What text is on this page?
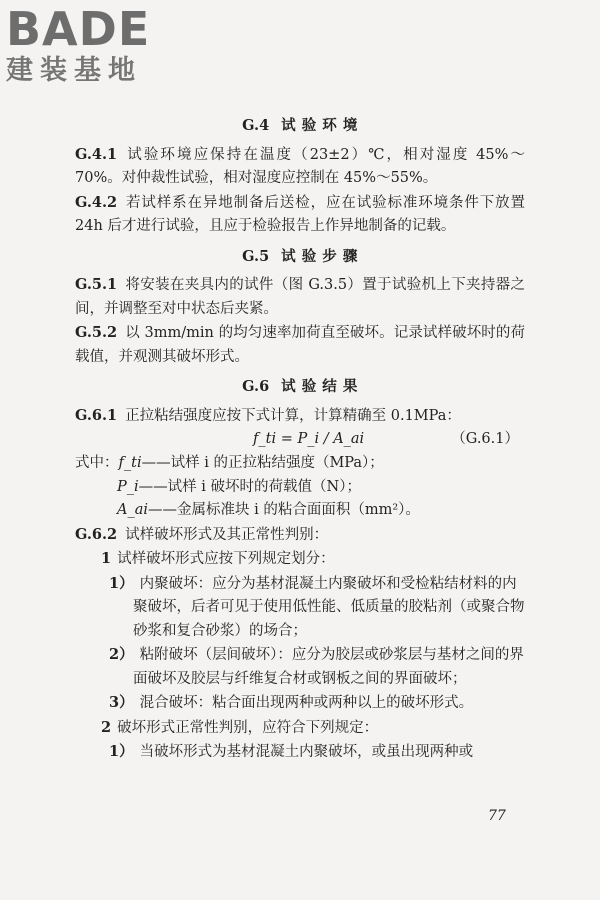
BADE
建装基地
G.4 试 验 环 境
G.4.1 试验环境应保持在温度（23±2）℃，相对湿度 45%～70%。对仲裁性试验，相对湿度应控制在 45%～55%。
G.4.2 若试样系在异地制备后送检，应在试验标准环境条件下放置 24h 后才进行试验，且应于检验报告上作异地制备的记载。
G.5 试 验 步 骤
G.5.1 将安装在夹具内的试件（图 G.3.5）置于试验机上下夹持器之间，并调整至对中状态后夹紧。
G.5.2 以 3mm/min 的均匀速率加荷直至破坏。记录试样破坏时的荷载值，并观测其破坏形式。
G.6 试 验 结 果
G.6.1 正拉粘结强度应按下式计算，计算精确至 0.1MPa：
f_ti = P_i / A_ai	（G.6.1）
式中：f_ti——试样 i 的正拉粘结强度（MPa）；
P_i——试样 i 破坏时的荷载值（N）；
A_ai——金属标准块 i 的粘合面面积（mm²）。
G.6.2 试样破坏形式及其正常性判别：
1 试样破坏形式应按下列规定划分：
1） 内聚破坏：应分为基材混凝土内聚破坏和受检粘结材料的内聚破坏，后者可见于使用低性能、低质量的胶粘剂（或聚合物砂浆和复合砂浆）的场合；
2） 粘附破坏（层间破坏）：应分为胶层或砂浆层与基材之间的界面破坏及胶层与纤维复合材或钢板之间的界面破坏；
3） 混合破坏：粘合面出现两种或两种以上的破坏形式。
2 破坏形式正常性判别，应符合下列规定：
1） 当破坏形式为基材混凝土内聚破坏，或虽出现两种或
77
